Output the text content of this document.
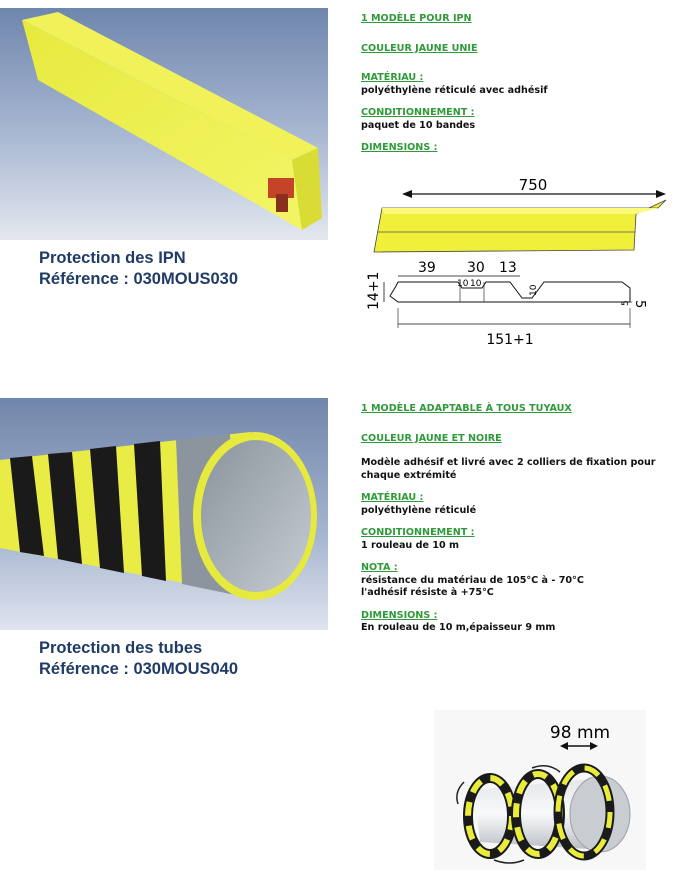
Protection des IPN
Référence : 030MOUS030
1 MODÈLE POUR IPN
COULEUR JAUNE UNIE
MATÉRIAU :
polyéthylène réticulé avec adhésif
CONDITIONNEMENT :
paquet de 10 bandes
DIMENSIONS :
750
39 30 13
10 10
10
14+1	5 5
151+1
Protection des tubes
Référence : 030MOUS040
1 MODÈLE ADAPTABLE À TOUS TUYAUX
COULEUR JAUNE ET NOIRE
Modèle adhésif et livré avec 2 colliers de fixation pour chaque extrémité
MATÉRIAU :
polyéthylène réticulé
CONDITIONNEMENT :
1 rouleau de 10 m
NOTA :
résistance du matériau de 105°C à - 70°C
l'adhésif résiste à +75°C
DIMENSIONS :
En rouleau de 10 m,épaisseur 9 mm
98 mm
